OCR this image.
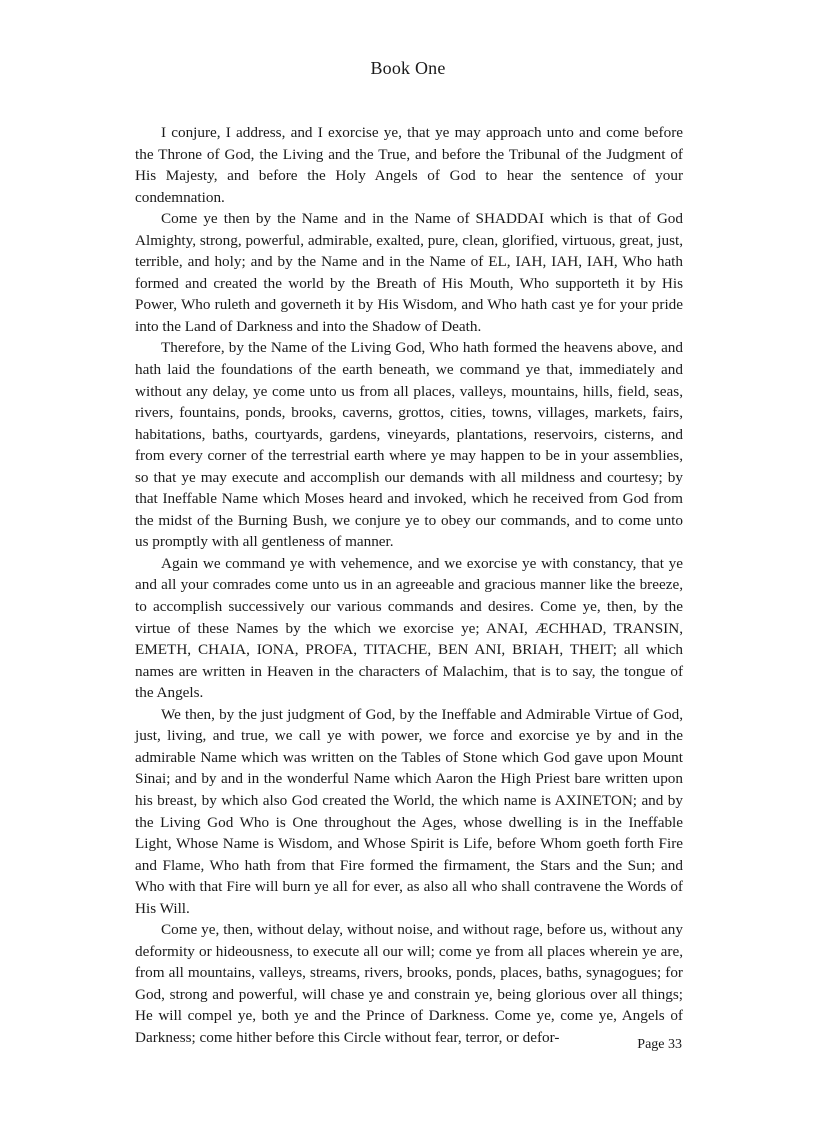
Book One

I conjure, I address, and I exorcise ye, that ye may approach unto and come before the Throne of God, the Living and the True, and before the Tribunal of the Judgment of His Majesty, and before the Holy Angels of God to hear the sentence of your condemnation.

Come ye then by the Name and in the Name of SHADDAI which is that of God Almighty, strong, powerful, admirable, exalted, pure, clean, glorified, virtuous, great, just, terrible, and holy; and by the Name and in the Name of EL, IAH, IAH, IAH, Who hath formed and created the world by the Breath of His Mouth, Who supporteth it by His Power, Who ruleth and governeth it by His Wisdom, and Who hath cast ye for your pride into the Land of Darkness and into the Shadow of Death.

Therefore, by the Name of the Living God, Who hath formed the heavens above, and hath laid the foundations of the earth beneath, we command ye that, immediately and without any delay, ye come unto us from all places, valleys, mountains, hills, field, seas, rivers, fountains, ponds, brooks, caverns, grottos, cities, towns, villages, markets, fairs, habitations, baths, courtyards, gardens, vineyards, plantations, reservoirs, cisterns, and from every corner of the terrestrial earth where ye may happen to be in your assemblies, so that ye may execute and accomplish our demands with all mildness and courtesy; by that Ineffable Name which Moses heard and invoked, which he received from God from the midst of the Burning Bush, we conjure ye to obey our commands, and to come unto us promptly with all gentleness of manner.

Again we command ye with vehemence, and we exorcise ye with constancy, that ye and all your comrades come unto us in an agreeable and gracious manner like the breeze, to accomplish successively our various commands and desires. Come ye, then, by the virtue of these Names by the which we exorcise ye; ANAI, ÆCHHAD, TRANSIN, EMETH, CHAIA, IONA, PROFA, TITACHE, BEN ANI, BRIAH, THEIT; all which names are written in Heaven in the characters of Malachim, that is to say, the tongue of the Angels.

We then, by the just judgment of God, by the Ineffable and Admirable Virtue of God, just, living, and true, we call ye with power, we force and exorcise ye by and in the admirable Name which was written on the Tables of Stone which God gave upon Mount Sinai; and by and in the wonderful Name which Aaron the High Priest bare written upon his breast, by which also God created the World, the which name is AXINETON; and by the Living God Who is One throughout the Ages, whose dwelling is in the Ineffable Light, Whose Name is Wisdom, and Whose Spirit is Life, before Whom goeth forth Fire and Flame, Who hath from that Fire formed the firmament, the Stars and the Sun; and Who with that Fire will burn ye all for ever, as also all who shall contravene the Words of His Will.

Come ye, then, without delay, without noise, and without rage, before us, without any deformity or hideousness, to execute all our will; come ye from all places wherein ye are, from all mountains, valleys, streams, rivers, brooks, ponds, places, baths, synagogues; for God, strong and powerful, will chase ye and constrain ye, being glorious over all things; He will compel ye, both ye and the Prince of Darkness. Come ye, come ye, Angels of Darkness; come hither before this Circle without fear, terror, or defor-	Page 33
